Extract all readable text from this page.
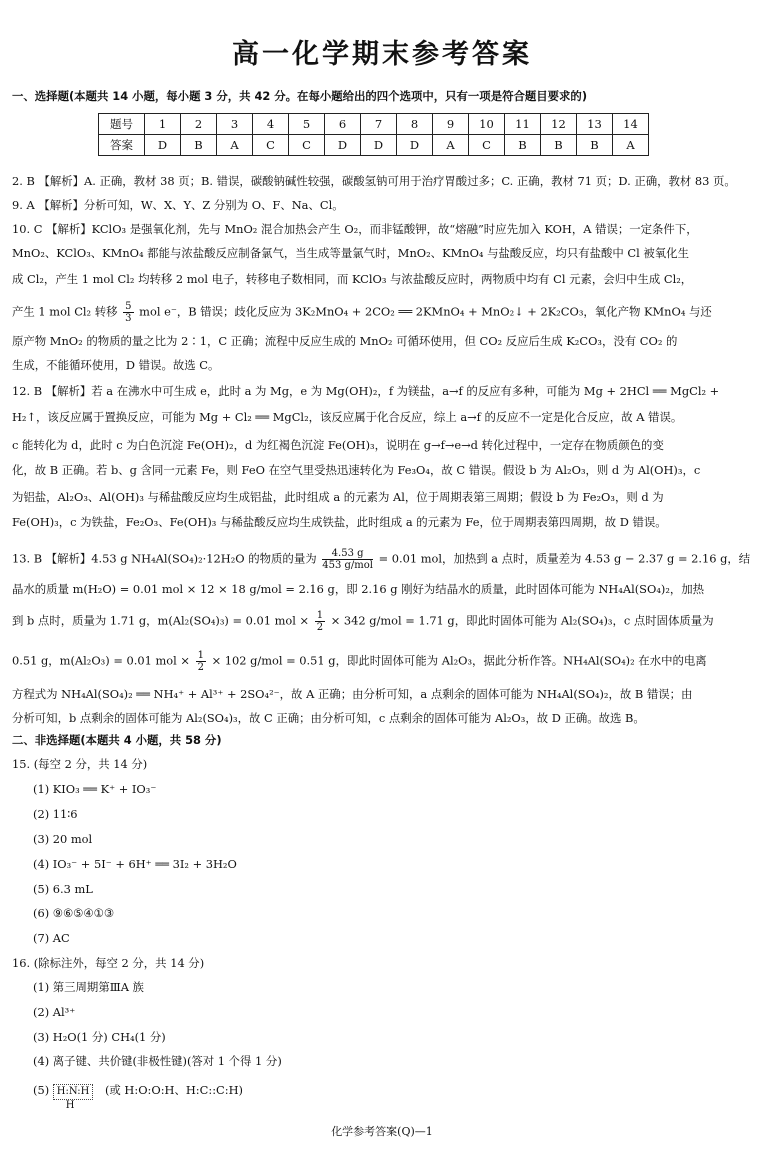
高一化学期末参考答案
一、选择题(本题共 14 小题，每小题 3 分，共 42 分。在每小题给出的四个选项中，只有一项是符合题目要求的)
题号	1	2	3	4	5	6	7	8	9	10	11	12	13	14
答案	D	B	A	C	C	D	D	D	A	C	B	B	B	A
2. B 【解析】A. 正确，教材 38 页；B. 错误，碳酸钠碱性较强，碳酸氢钠可用于治疗胃酸过多；C. 正确，教材 71 页；D. 正确，教材 83 页。
9. A 【解析】分析可知，W、X、Y、Z 分别为 O、F、Na、Cl。
10. C 【解析】KClO₃ 是强氧化剂，先与 MnO₂ 混合加热会产生 O₂，而非锰酸钾，故“熔融”时应先加入 KOH，A 错误；一定条件下，
MnO₂、KClO₃、KMnO₄ 都能与浓盐酸反应制备氯气，当生成等量氯气时，MnO₂、KMnO₄ 与盐酸反应，均只有盐酸中 Cl 被氧化生
成 Cl₂，产生 1 mol Cl₂ 均转移 2 mol 电子，转移电子数相同，而 KClO₃ 与浓盐酸反应时，两物质中均有 Cl 元素，会归中生成 Cl₂，
产生 1 mol Cl₂ 转移 $\frac{5}{3}$ mol e⁻，B 错误；歧化反应为 3K₂MnO₄ + 2CO₂ ══ 2KMnO₄ + MnO₂↓ + 2K₂CO₃，氧化产物 KMnO₄ 与还
原产物 MnO₂ 的物质的量之比为 2∶1，C 正确；流程中反应生成的 MnO₂ 可循环使用，但 CO₂ 反应后生成 K₂CO₃，没有 CO₂ 的
生成，不能循环使用，D 错误。故选 C。
12. B 【解析】若 a 在沸水中可生成 e，此时 a 为 Mg，e 为 Mg(OH)₂，f 为镁盐，a→f 的反应有多种，可能为 Mg + 2HCl ══ MgCl₂ +
H₂↑，该反应属于置换反应，可能为 Mg + Cl₂ ══ MgCl₂，该反应属于化合反应，综上 a→f 的反应不一定是化合反应，故 A 错误。
c 能转化为 d，此时 c 为白色沉淀 Fe(OH)₂，d 为红褐色沉淀 Fe(OH)₃，说明在 g→f→e→d 转化过程中，一定存在物质颜色的变
化，故 B 正确。若 b、g 含同一元素 Fe，则 FeO 在空气里受热迅速转化为 Fe₃O₄，故 C 错误。假设 b 为 Al₂O₃，则 d 为 Al(OH)₃，c
为铝盐，Al₂O₃、Al(OH)₃ 与稀盐酸反应均生成铝盐，此时组成 a 的元素为 Al，位于周期表第三周期；假设 b 为 Fe₂O₃，则 d 为
Fe(OH)₃，c 为铁盐，Fe₂O₃、Fe(OH)₃ 与稀盐酸反应均生成铁盐，此时组成 a 的元素为 Fe，位于周期表第四周期，故 D 错误。
13. B 【解析】4.53 g NH₄Al(SO₄)₂·12H₂O 的物质的量为 $\frac{4.53 g}{\text{453 g/mol}} = 0.01$ mol，加热到 a 点时，质量差为 4.53 g − 2.37 g = 2.16 g，结
晶水的质量 m(H₂O) = 0.01 mol × 12 × 18 g/mol = 2.16 g，即 2.16 g 刚好为结晶水的质量，此时固体可能为 NH₄Al(SO₄)₂，加热
到 b 点时，质量为 1.71 g，m(Al₂(SO₄)₃) = 0.01 mol × $\frac{1}{2} \times 342$ g/mol = 1.71 g，即此时固体可能为 Al₂(SO₄)₃，c 点时固体质量为
0.51 g，m(Al₂O₃) = 0.01 mol × $\frac{1}{2} \times 102$ g/mol = 0.51 g，即此时固体可能为 Al₂O₃，据此分析作答。NH₄Al(SO₄)₂ 在水中的电离
方程式为 NH₄Al(SO₄)₂ ══ NH₄⁺ + Al³⁺ + 2SO₄²⁻，故 A 正确；由分析可知，a 点剩余的固体可能为 NH₄Al(SO₄)₂，故 B 错误；由
分析可知，b 点剩余的固体可能为 Al₂(SO₄)₃，故 C 正确；由分析可知，c 点剩余的固体可能为 Al₂O₃，故 D 正确。故选 B。
二、非选择题(本题共 4 小题，共 58 分)
15. (每空 2 分，共 14 分)
(1) KIO₃ ══ K⁺ + IO₃⁻
(2) 11∶6
(3) 20 mol
(4) IO₃⁻ + 5I⁻ + 6H⁺ ══ 3I₂ + 3H₂O
(5) 6.3 mL
(6) ⑨⑥⑤④①③
(7) AC
16. (除标注外，每空 2 分，共 14 分)
(1) 第三周期第ⅢA 族
(2) Al³⁺
(3) H₂O(1 分) CH₄(1 分)
(4) 离子键、共价键(非极性键)(答对 1 个得 1 分)
(5) H:N:H
H
(或 H:O:O:H、H:C::C:H)
化学参考答案(Q)—1
